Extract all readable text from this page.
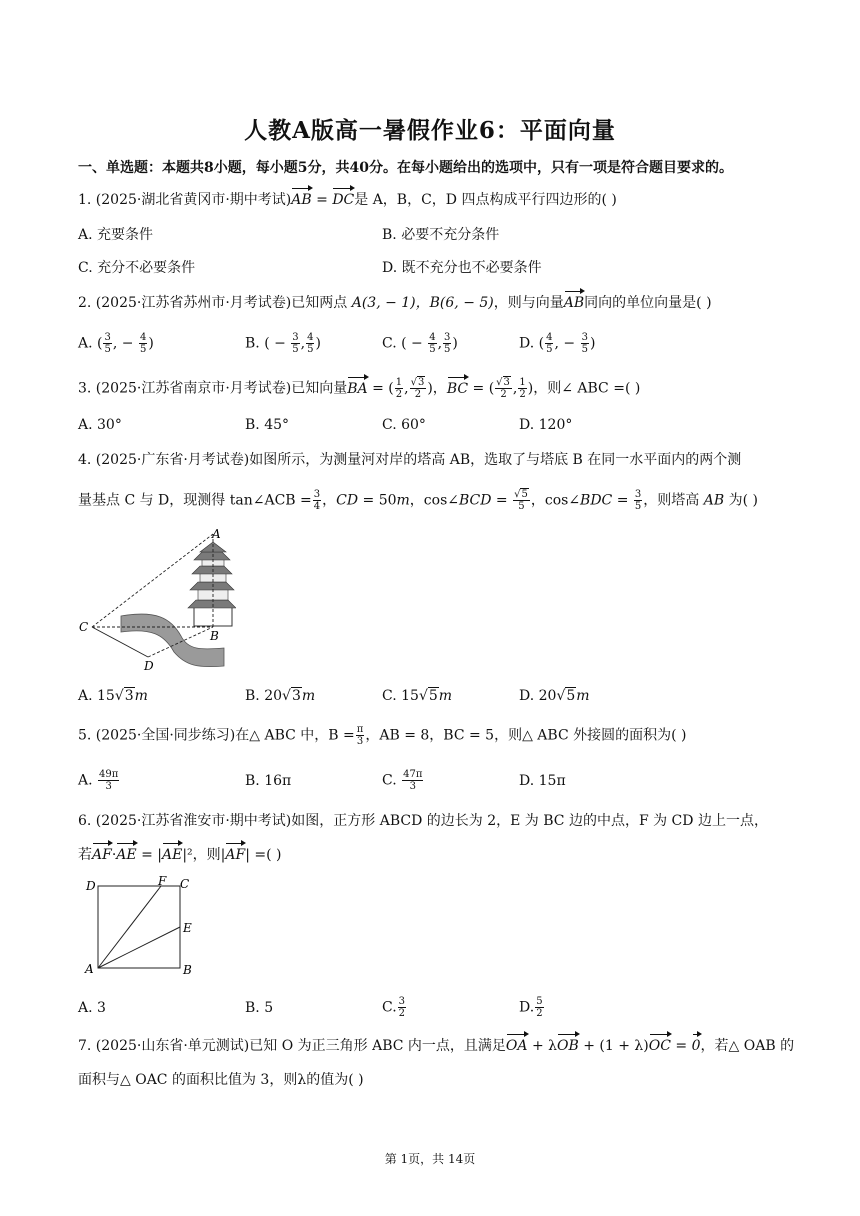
人教A版高一暑假作业6：平面向量
一、单选题：本题共8小题，每小题5分，共40分。在每小题给出的选项中，只有一项是符合题目要求的。
1. (2025·湖北省黄冈市·期中考试)AB = DC是 A，B，C，D 四点构成平行四边形的( )
A. 充要条件	B. 必要不充分条件
C. 充分不必要条件	D. 既不充分也不必要条件
2. (2025·江苏省苏州市·月考试卷)已知两点 A(3, − 1)，B(6, − 5)，则与向量AB同向的单位向量是( )
A. ( $\frac{3}{5}$ , − $\frac{4}{5}$ )	B. ( − $\frac{3}{5}$ , $\frac{4}{5}$ )	C. ( − $\frac{4}{5}$ , $\frac{3}{5}$ )	D. ( $\frac{4}{5}$ , − $\frac{3}{5}$ )
3. (2025·江苏省南京市·月考试卷)已知向量BA = ( $\frac{1}{2}$ , $\frac{√3}{2}$ )，BC = ( $\frac{√3}{2}$ , $\frac{1}{2}$ )，则∠ ABC =( )
A. 30°	B. 45°	C. 60°	D. 120°
4. (2025·广东省·月考试卷)如图所示，为测量河对岸的塔高 AB，选取了与塔底 B 在同一水平面内的两个测
量基点 C 与 D，现测得 tan∠ACB = $\frac{3}{4}$ ，CD = 50m，cos∠BCD = $\frac{√5}{5}$ ，cos∠BDC = $\frac{3}{5}$ ，则塔高 AB 为( )
A
B
C
D
A. 15√3m	B. 20√3m	C. 15√5m	D. 20√5m
5. (2025·全国·同步练习)在△ ABC 中，$B = \frac{\pi}{3}$ ，AB = 8，BC = 5，则△ ABC 外接圆的面积为( )
A. $\frac{49\pi}{3}$	B. 16π	C. $\frac{47\pi}{3}$	D. 15π
6. (2025·江苏省淮安市·期中考试)如图，正方形 ABCD 的边长为 2，E 为 BC 边的中点，F 为 CD 边上一点，
若AF·AE = |AE|²，则|AF| =( )
D	F C
E
A	B
A. 3	B. 5	C. $\frac{3}{2}$	D. $\frac{5}{2}$
7. (2025·山东省·单元测试)已知 O 为正三角形 ABC 内一点，且满足OA + λOB + (1 + λ)OC = 0，若△ OAB 的
面积与△ OAC 的面积比值为 3，则λ的值为( )
第 1页，共 14页
